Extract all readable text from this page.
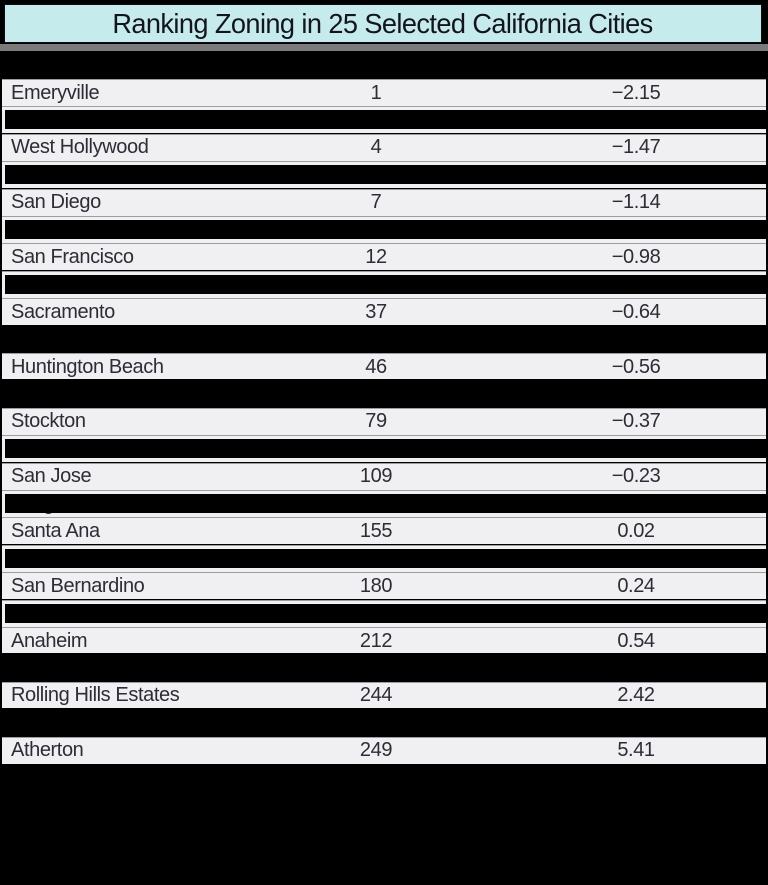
Ranking Zoning in 25 Selected California Cities
Emeryville	1	−2.15
West Hollywood	4	−1.47
San Diego	7	−1.14
San Francisco	12	−0.98
Sacramento	37	−0.64
Huntington Beach	46	−0.56
Stockton	79	−0.37
San Jose	109	−0.23
Santa Ana	155	0.02
San Bernardino	180	0.24
Anaheim	212	0.54
Rolling Hills Estates	244	2.42
Atherton	249	5.41
